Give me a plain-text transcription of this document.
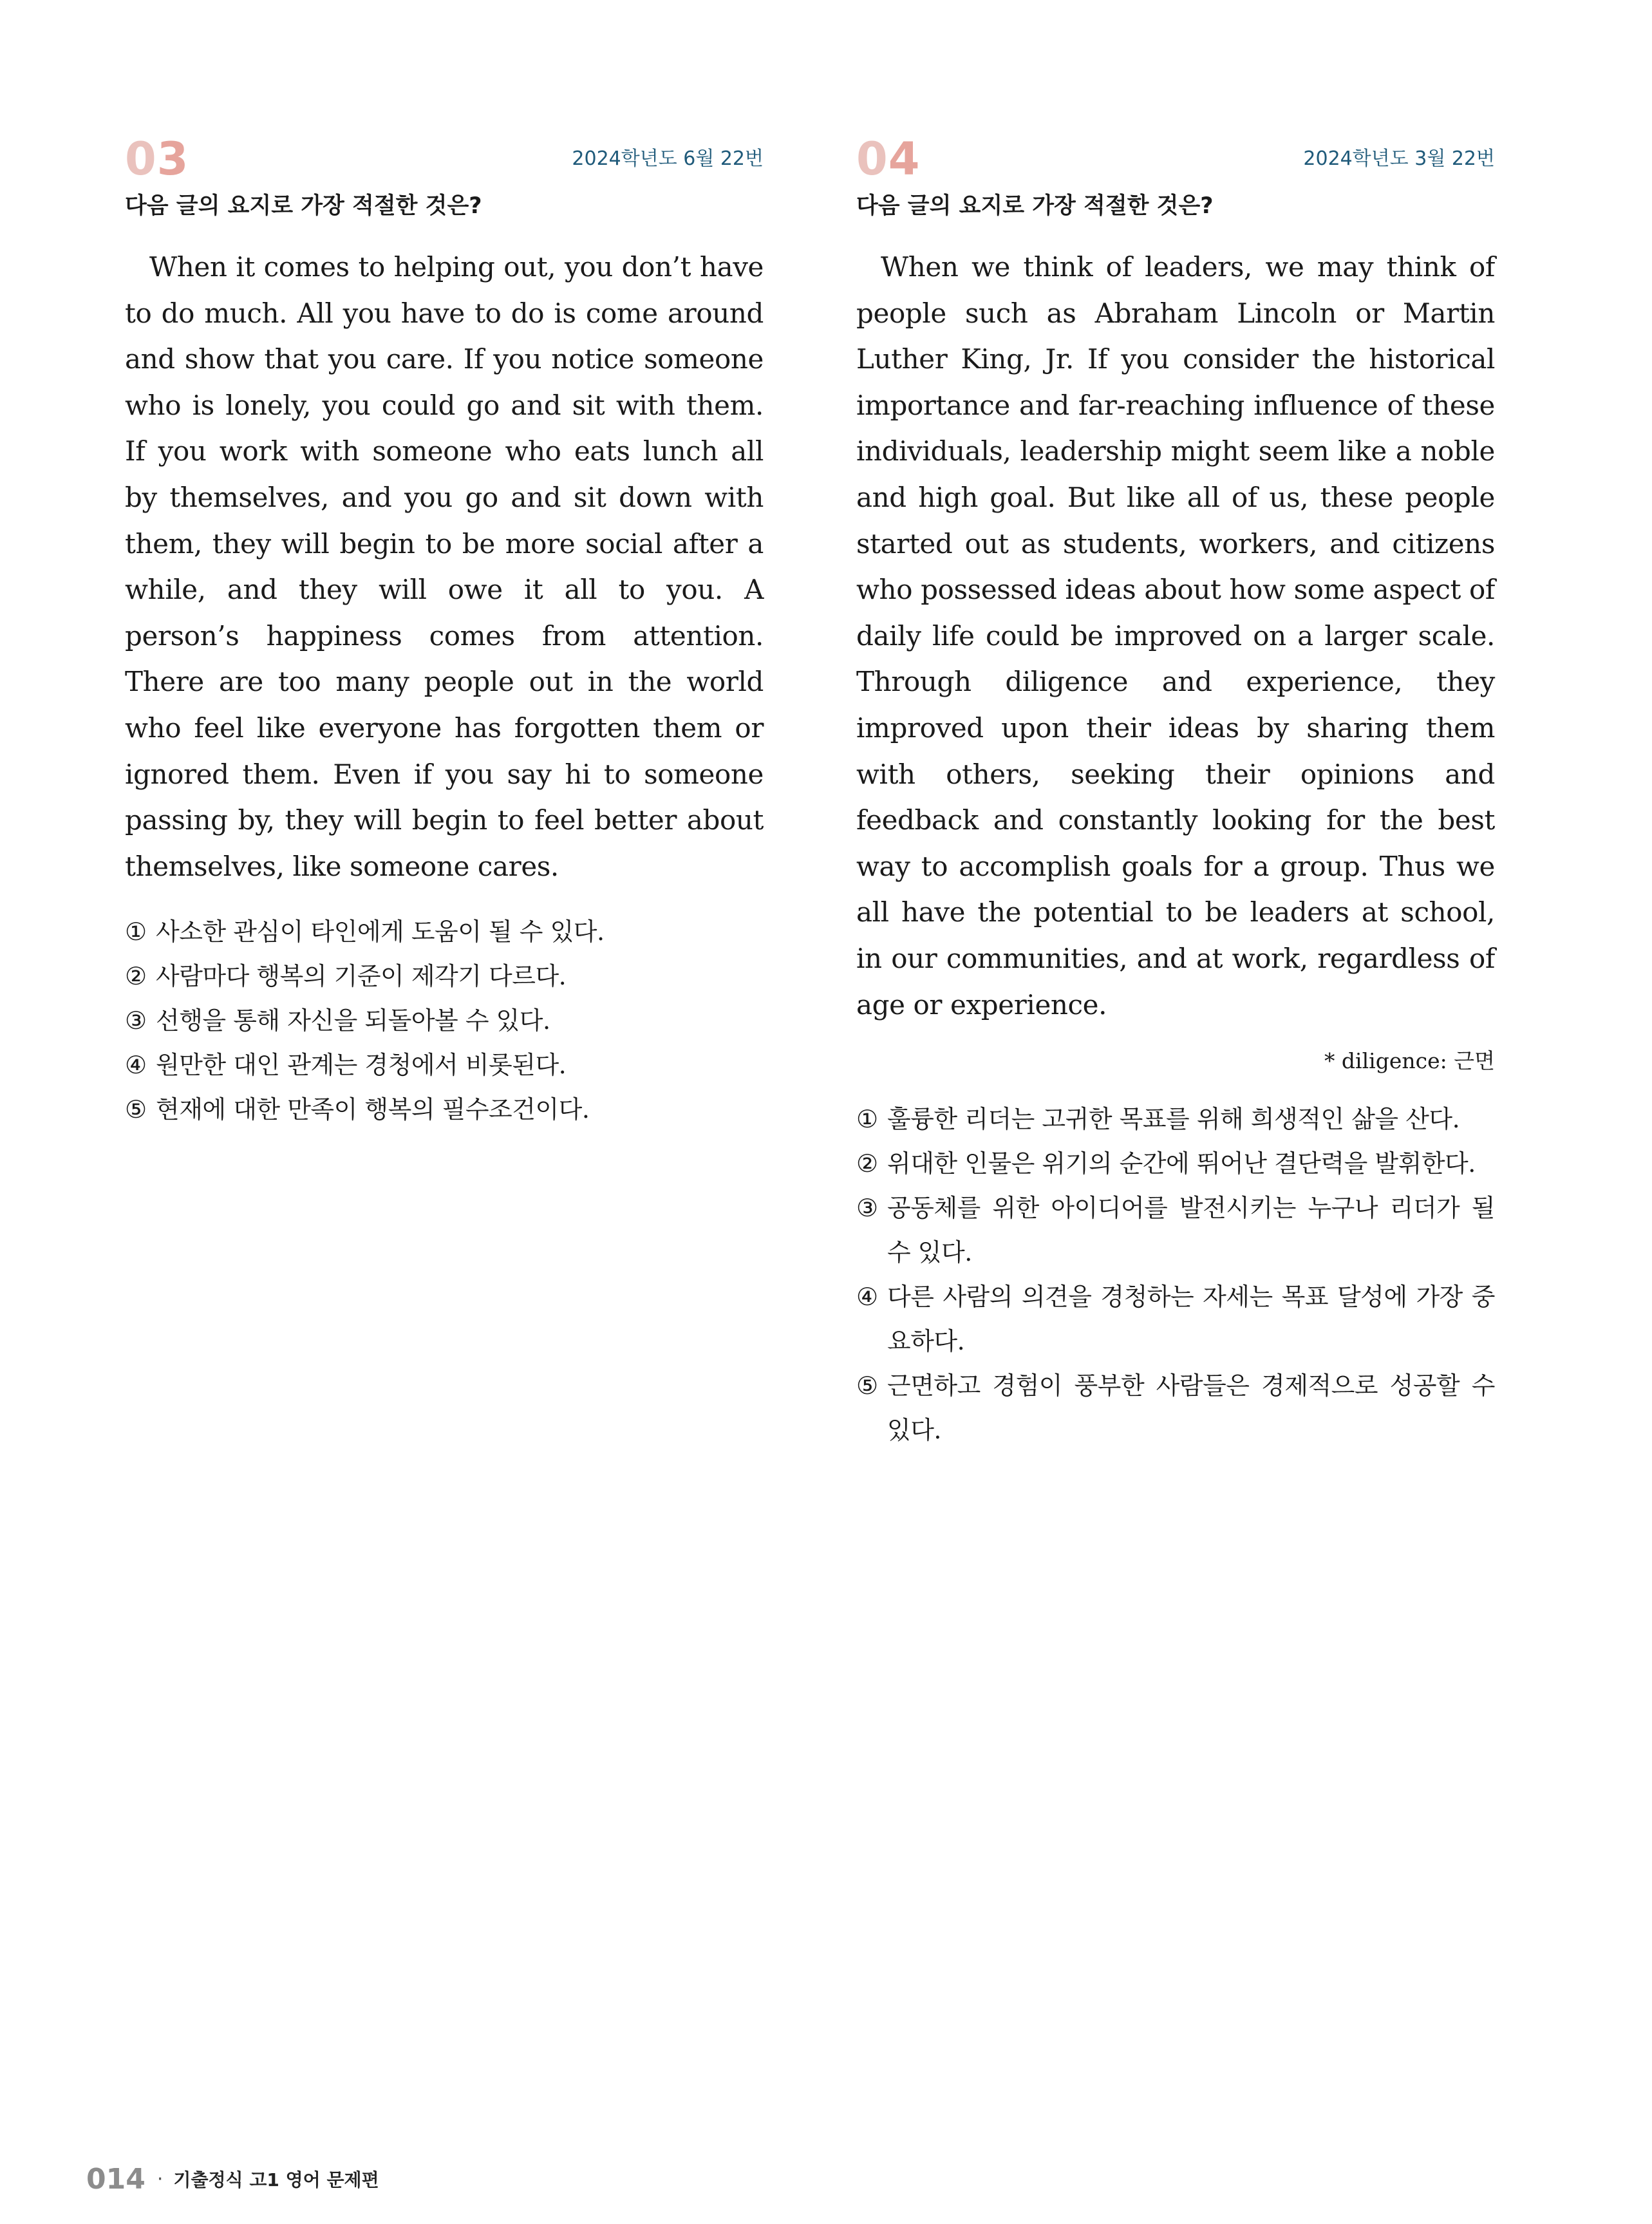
03	2024학년도 6월 22번
다음 글의 요지로 가장 적절한 것은?
When it comes to helping out, you don’t have to do much. All you have to do is come around and show that you care. If you notice someone who is lonely, you could go and sit with them. If you work with someone who eats lunch all by themselves, and you go and sit down with them, they will begin to be more social after a while, and they will owe it all to you. A person’s happiness comes from attention. There are too many people out in the world who feel like everyone has forgotten them or ignored them. Even if you say hi to someone passing by, they will begin to feel better about themselves, like someone cares.
① 사소한 관심이 타인에게 도움이 될 수 있다.
② 사람마다 행복의 기준이 제각기 다르다.
③ 선행을 통해 자신을 되돌아볼 수 있다.
④ 원만한 대인 관계는 경청에서 비롯된다.
⑤ 현재에 대한 만족이 행복의 필수조건이다.
04	2024학년도 3월 22번
다음 글의 요지로 가장 적절한 것은?
When we think of leaders, we may think of people such as Abraham Lincoln or Martin Luther King, Jr. If you consider the historical importance and far-reaching influence of these individuals, leadership might seem like a noble and high goal. But like all of us, these people started out as students, workers, and citizens who possessed ideas about how some aspect of daily life could be improved on a larger scale. Through diligence and experience, they improved upon their ideas by sharing them with others, seeking their opinions and feedback and constantly looking for the best way to accomplish goals for a group. Thus we all have the potential to be leaders at school, in our communities, and at work, regardless of age or experience.
* diligence: 근면
① 훌륭한 리더는 고귀한 목표를 위해 희생적인 삶을 산다.
② 위대한 인물은 위기의 순간에 뛰어난 결단력을 발휘한다.
③ 공동체를 위한 아이디어를 발전시키는 누구나 리더가 될 수 있다.
④ 다른 사람의 의견을 경청하는 자세는 목표 달성에 가장 중요하다.
⑤ 근면하고 경험이 풍부한 사람들은 경제적으로 성공할 수 있다.
014 · 기출정식 고1 영어 문제편
